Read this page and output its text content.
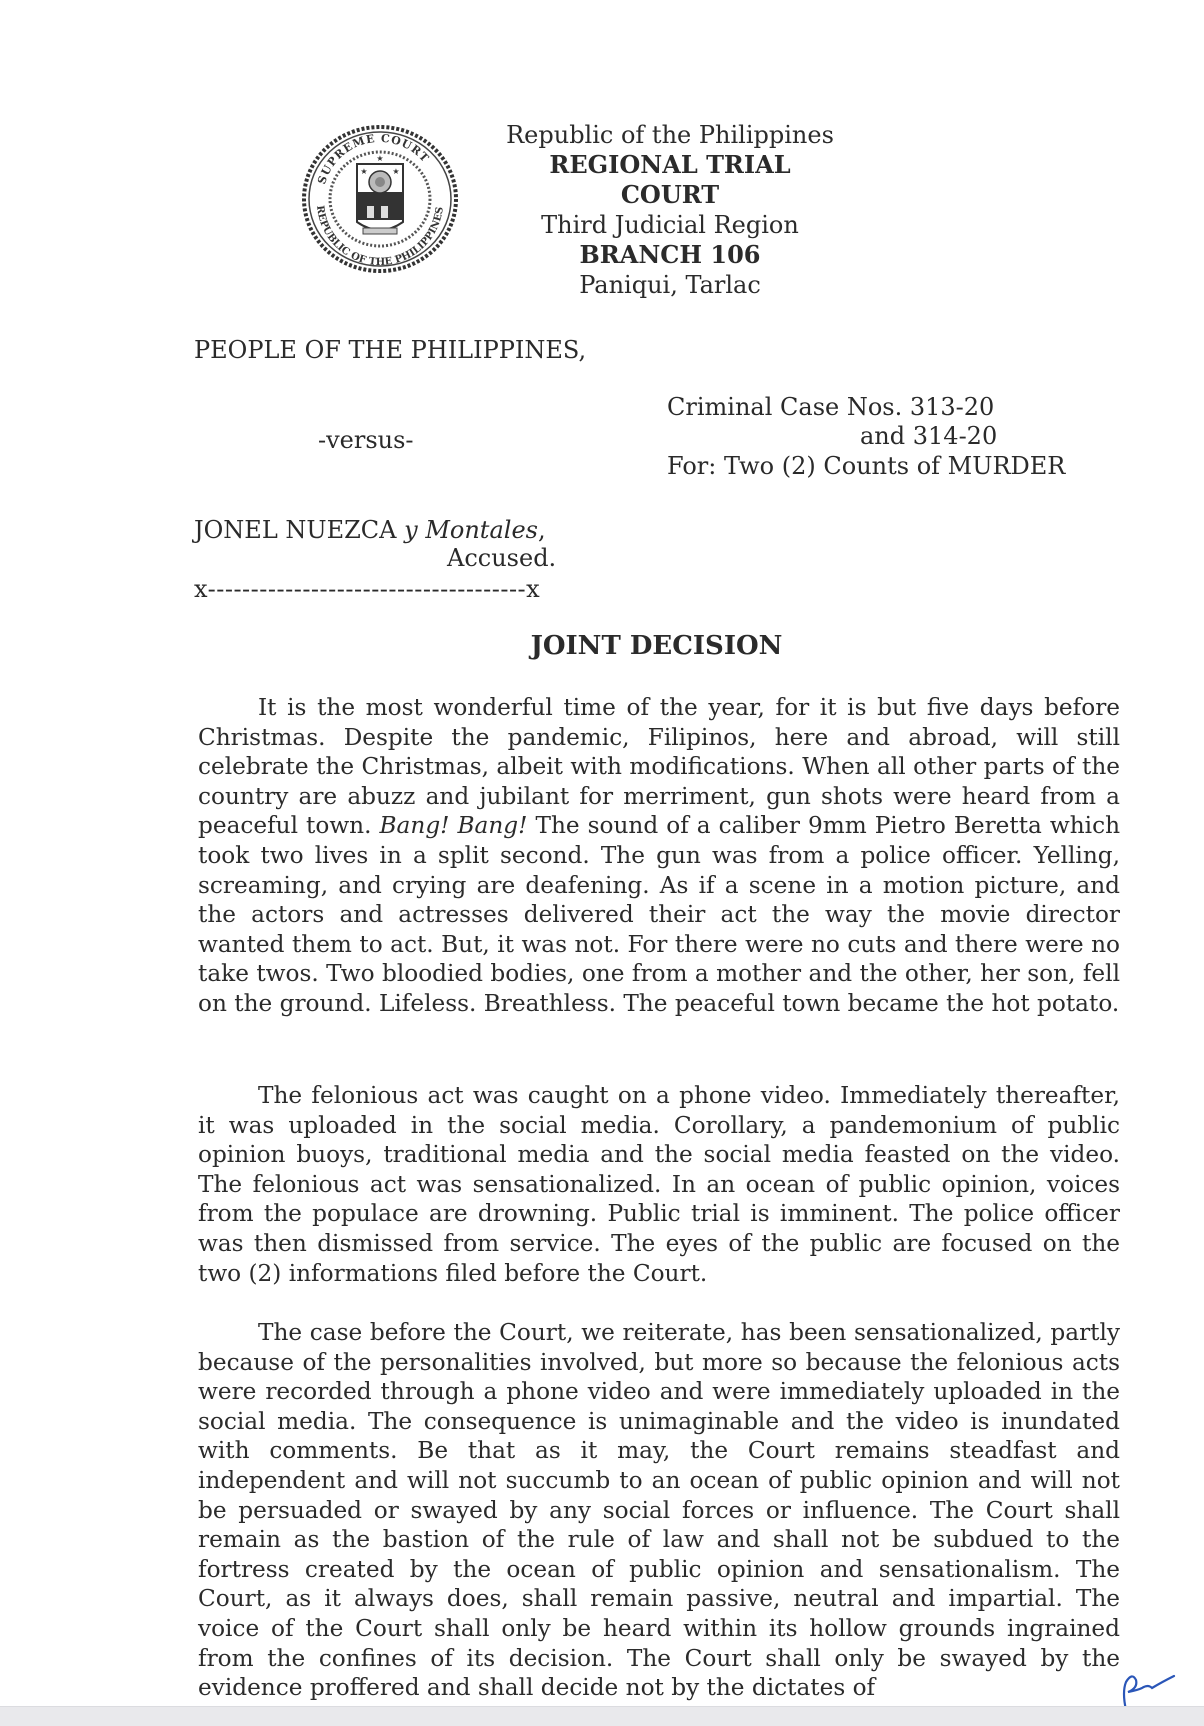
SUPREME COURT
REPUBLIC OF THE PHILIPPINES
★
★	★
Republic of the Philippines
REGIONAL TRIAL COURT
Third Judicial Region
BRANCH 106
Paniqui, Tarlac
PEOPLE OF THE PHILIPPINES,
-versus-
Criminal Case Nos. 313-20
and 314-20
For: Two (2) Counts of MURDER
JONEL NUEZCA y Montales,
Accused.
x-------------------------------------x
JOINT DECISION
It is the most wonderful time of the year, for it is but five days before Christmas. Despite the pandemic, Filipinos, here and abroad, will still celebrate the Christmas, albeit with modifications. When all other parts of the country are abuzz and jubilant for merriment, gun shots were heard from a peaceful town. Bang! Bang! The sound of a caliber 9mm Pietro Beretta which took two lives in a split second. The gun was from a police officer. Yelling, screaming, and crying are deafening. As if a scene in a motion picture, and the actors and actresses delivered their act the way the movie director wanted them to act. But, it was not. For there were no cuts and there were no take twos. Two bloodied bodies, one from a mother and the other, her son, fell on the ground. Lifeless. Breathless. The peaceful town became the hot potato.
The felonious act was caught on a phone video. Immediately thereafter, it was uploaded in the social media. Corollary, a pandemonium of public opinion buoys, traditional media and the social media feasted on the video. The felonious act was sensationalized. In an ocean of public opinion, voices from the populace are drowning. Public trial is imminent. The police officer was then dismissed from service. The eyes of the public are focused on the two (2) informations filed before the Court.
The case before the Court, we reiterate, has been sensationalized, partly because of the personalities involved, but more so because the felonious acts were recorded through a phone video and were immediately uploaded in the social media. The consequence is unimaginable and the video is inundated with comments. Be that as it may, the Court remains steadfast and independent and will not succumb to an ocean of public opinion and will not be persuaded or swayed by any social forces or influence. The Court shall remain as the bastion of the rule of law and shall not be subdued to the fortress created by the ocean of public opinion and sensationalism. The Court, as it always does, shall remain passive, neutral and impartial. The voice of the Court shall only be heard within its hollow grounds ingrained from the confines of its decision. The Court shall only be swayed by the evidence proffered and shall decide not by the dictates of
